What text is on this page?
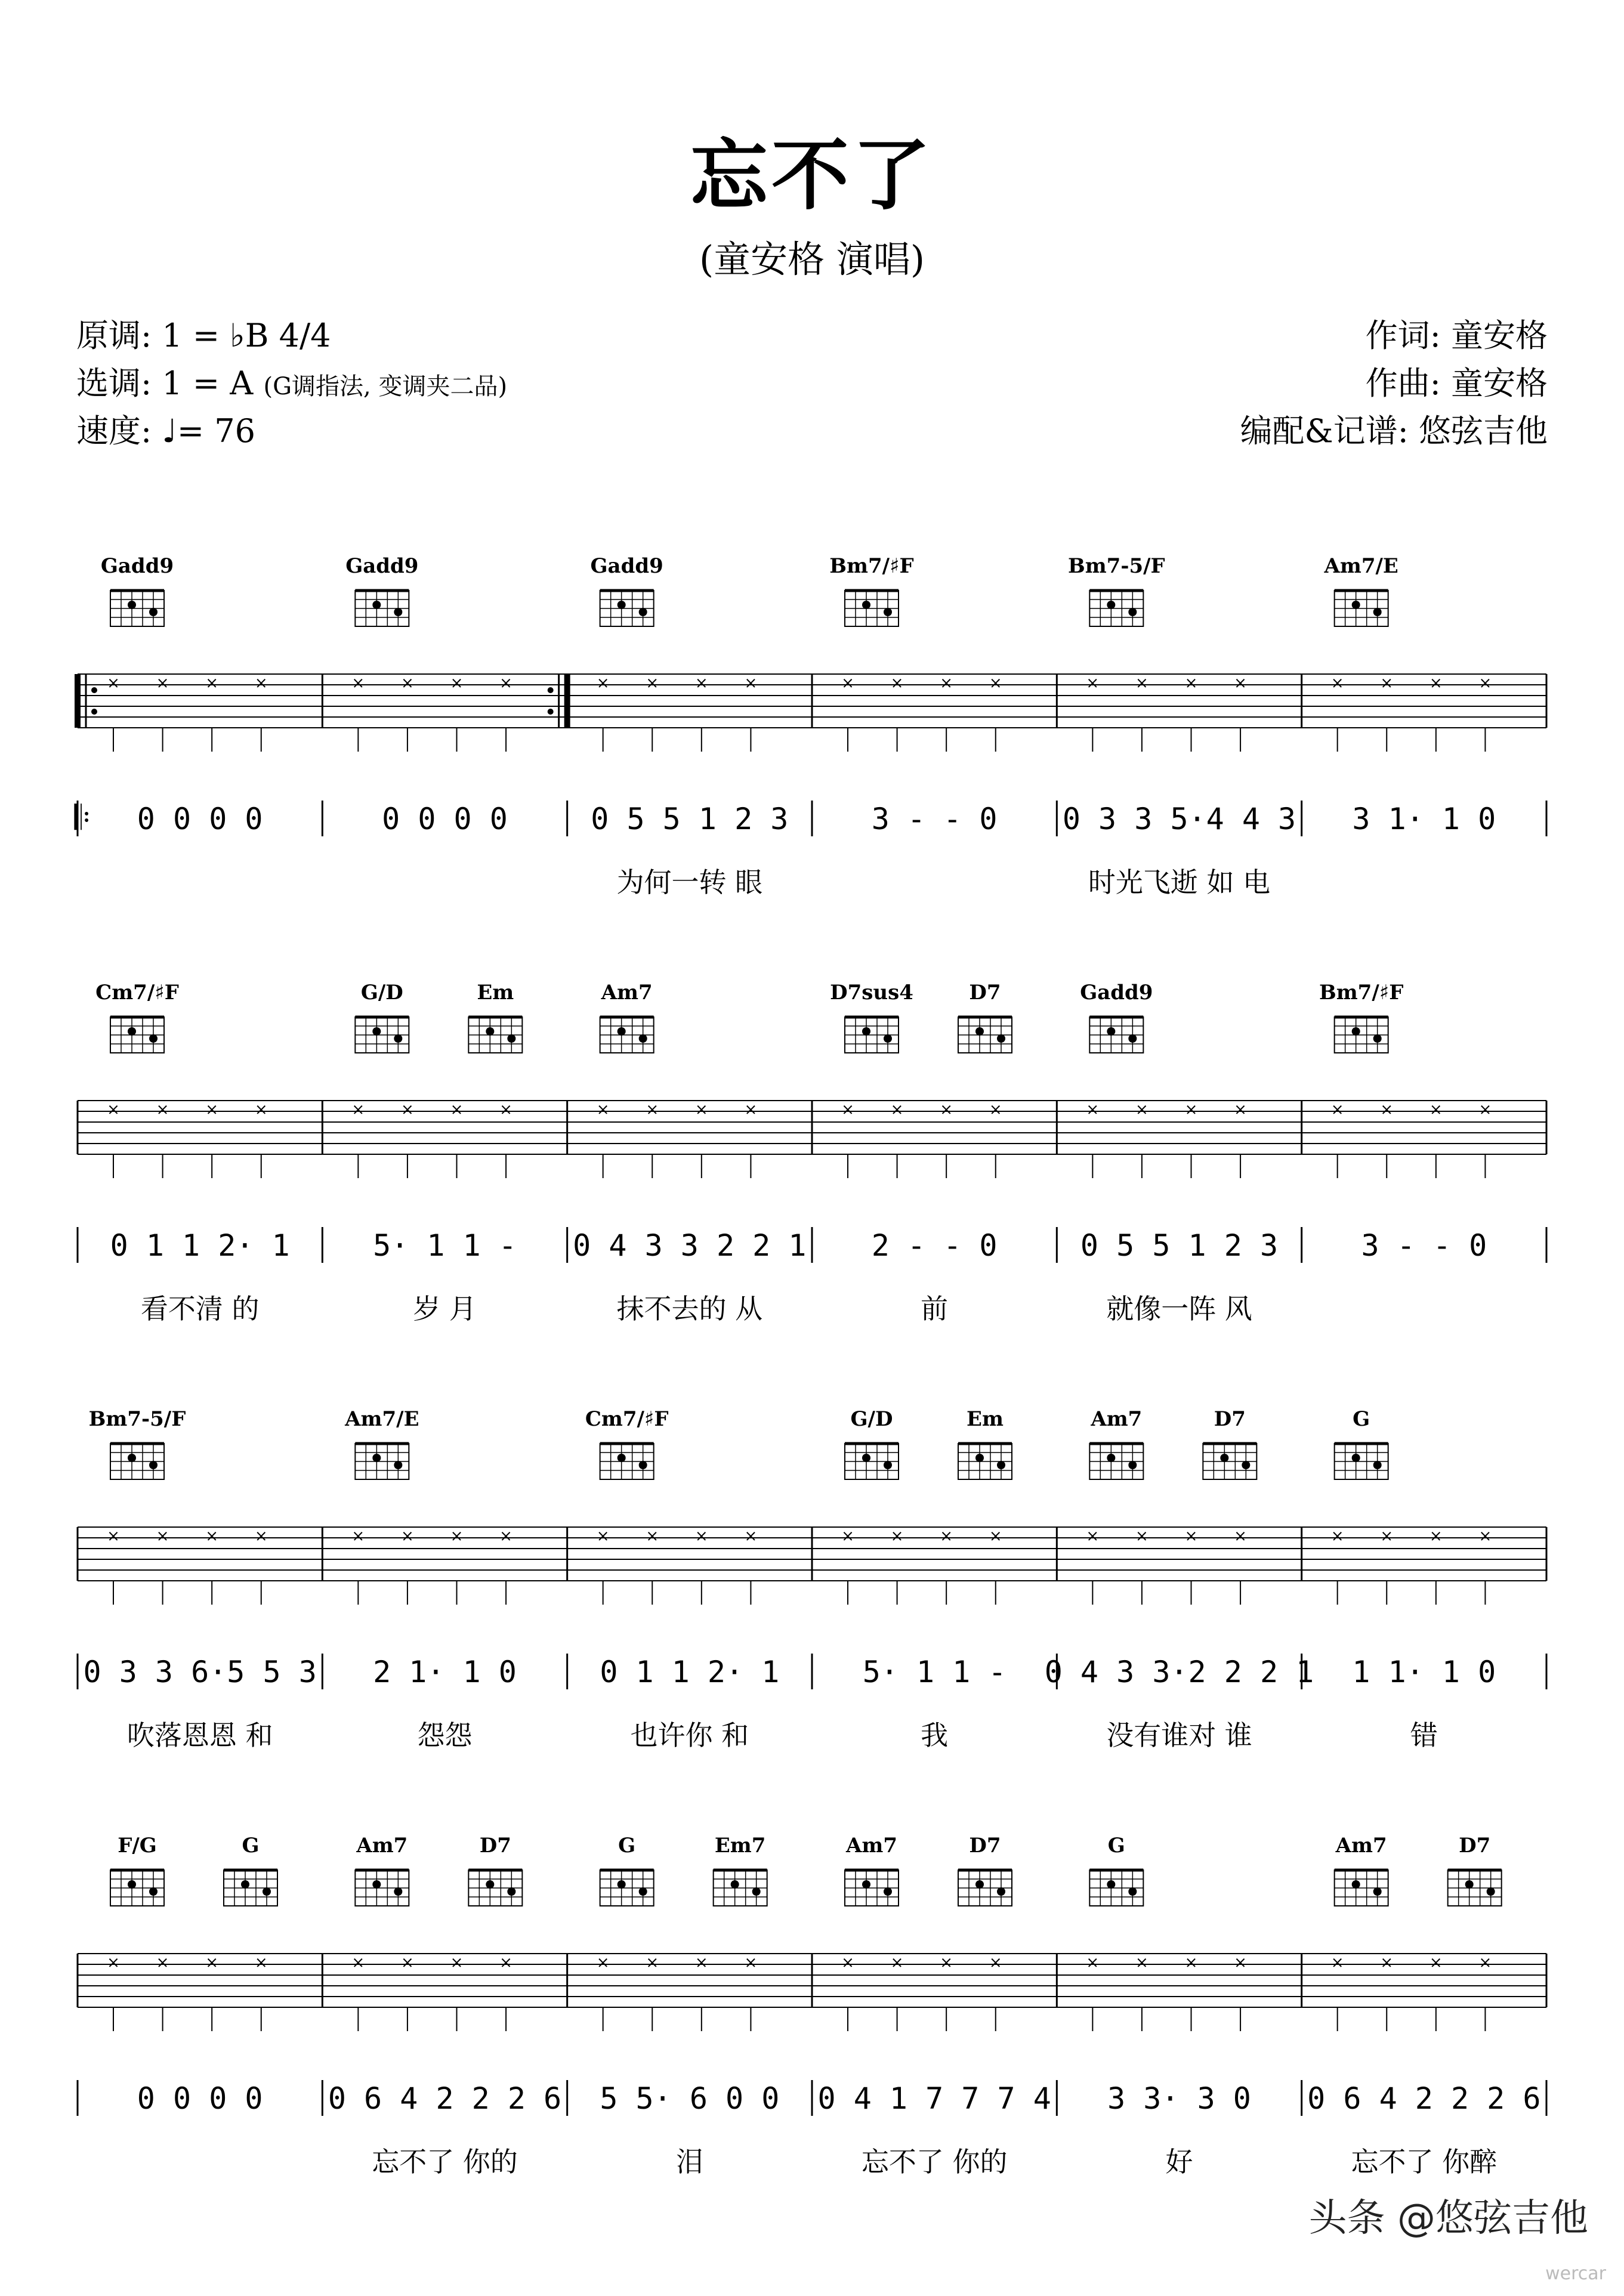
忘不了
(童安格 演唱)
原调: 1 = ♭B 4/4
选调: 1 = A (G调指法, 变调夹二品)
速度: ♩= 76
作词: 童安格
作曲: 童安格
编配&记谱: 悠弦吉他
𝄆
Gadd9
× × × ×
0 0 0 0
Gadd9
× × × ×
0 0 0 0
Gadd9
× × × ×
0 5 5 1 2 3
为何一转 眼
Bm7/♯F
× × × ×
3 - - 0
Bm7-5/F
× × × ×
0 3 3 5·4 4 3
时光飞逝 如 电
Am7/E
× × × ×
3 1· 1 0
Cm7/♯F
× × × ×
0 1 1 2· 1
看不清 的
G/D	Em
× × × ×
5· 1 1 -
岁 月
Am7
× × × ×
0 4 3 3 2 2 1
抹不去的 从
D7sus4	D7
× × × ×
2 - - 0
前
Gadd9
× × × ×
0 5 5 1 2 3
就像一阵 风
Bm7/♯F
× × × ×
3 - - 0
Bm7-5/F
× × × ×
0 3 3 6·5 5 3
吹落恩恩 和
Am7/E
× × × ×
2 1· 1 0
怨怨
Cm7/♯F
× × × ×
0 1 1 2· 1
也许你 和
G/D	Em
× × × ×
5· 1 1 -
我
Am7	D7
× × × ×
0 4 3 3·2 2 2 1
没有谁对 谁
G
× × × ×
1 1· 1 0
错
F/G	G
× × × ×
0 0 0 0
Am7	D7
× × × ×
0 6 4 2 2 2 6
忘不了 你的
G	Em7
× × × ×
5 5· 6 0 0
泪
Am7	D7
× × × ×
0 4 1 7 7 7 4
忘不了 你的
G
× × × ×
3 3· 3 0
好
Am7	D7
× × × ×
0 6 4 2 2 2 6
忘不了 你醉
头条 @悠弦吉他
wercar
